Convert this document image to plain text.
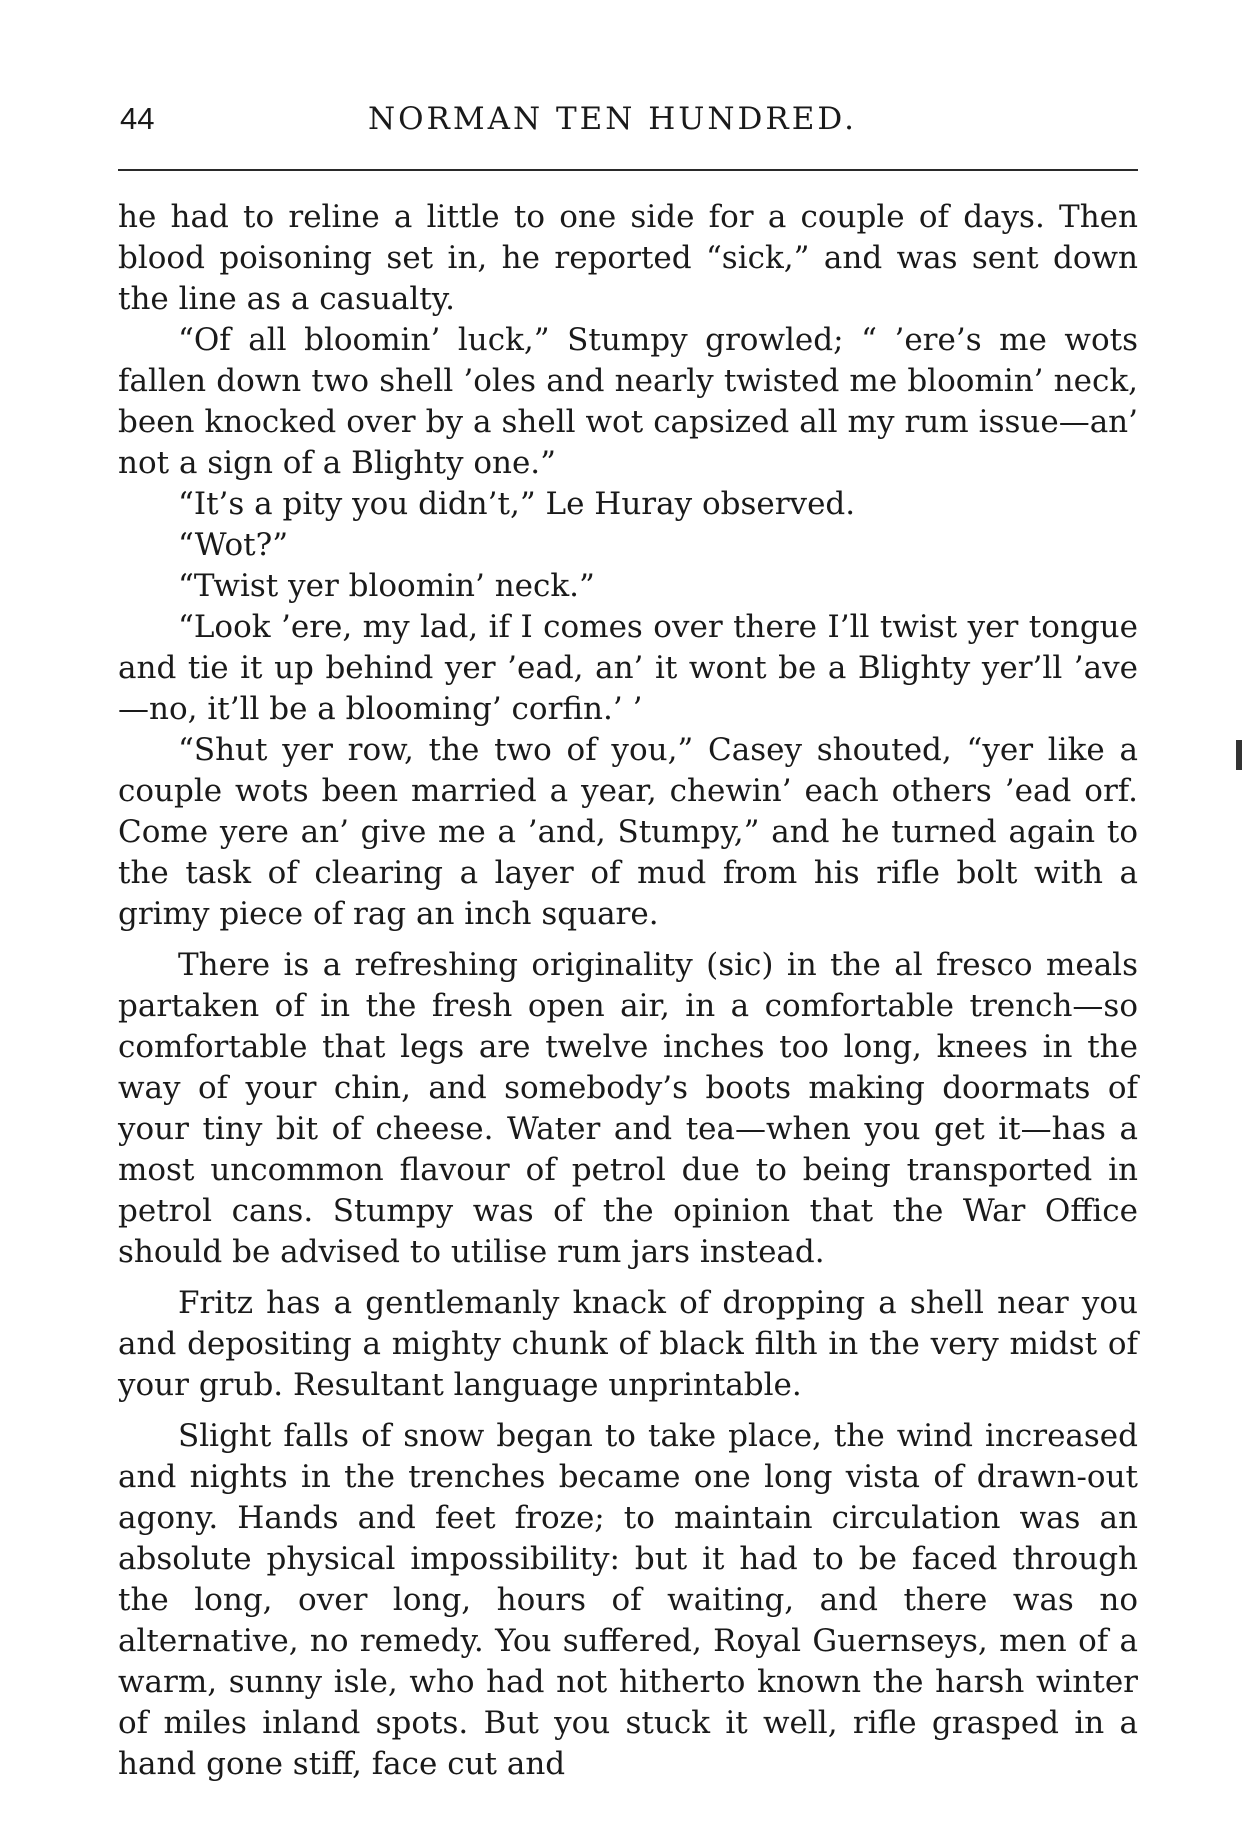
44	NORMAN TEN HUNDRED.

he had to reline a little to one side for a couple of days. Then blood poisoning set in, he reported “sick,” and was sent down the line as a casualty.

“Of all bloomin’ luck,” Stumpy growled; “ ’ere’s me wots fallen down two shell ’oles and nearly twisted me bloomin’ neck, been knocked over by a shell wot capsized all my rum issue—an’ not a sign of a Blighty one.”

“It’s a pity you didn’t,” Le Huray observed.

“Wot?”

“Twist yer bloomin’ neck.”

“Look ’ere, my lad, if I comes over there I’ll twist yer tongue and tie it up behind yer ’ead, an’ it wont be a Blighty yer’ll ’ave—no, it’ll be a blooming’ corfin.’ ’

“Shut yer row, the two of you,” Casey shouted, “yer like a couple wots been married a year, chewin’ each others ’ead orf. Come yere an’ give me a ’and, Stumpy,” and he turned again to the task of clearing a layer of mud from his rifle bolt with a grimy piece of rag an inch square.

There is a refreshing originality (sic) in the al fresco meals partaken of in the fresh open air, in a comfortable trench—so comfortable that legs are twelve inches too long, knees in the way of your chin, and somebody’s boots making doormats of your tiny bit of cheese. Water and tea—when you get it—has a most uncommon flavour of petrol due to being transported in petrol cans. Stumpy was of the opinion that the War Office should be advised to utilise rum jars instead.

Fritz has a gentlemanly knack of dropping a shell near you and depositing a mighty chunk of black filth in the very midst of your grub. Resultant language unprintable.

Slight falls of snow began to take place, the wind increased and nights in the trenches became one long vista of drawn-out agony. Hands and feet froze; to maintain circulation was an absolute physical impossibility: but it had to be faced through the long, over long, hours of waiting, and there was no alternative, no remedy. You suffered, Royal Guernseys, men of a warm, sunny isle, who had not hitherto known the harsh winter of miles inland spots. But you stuck it well, rifle grasped in a hand gone stiff, face cut and
